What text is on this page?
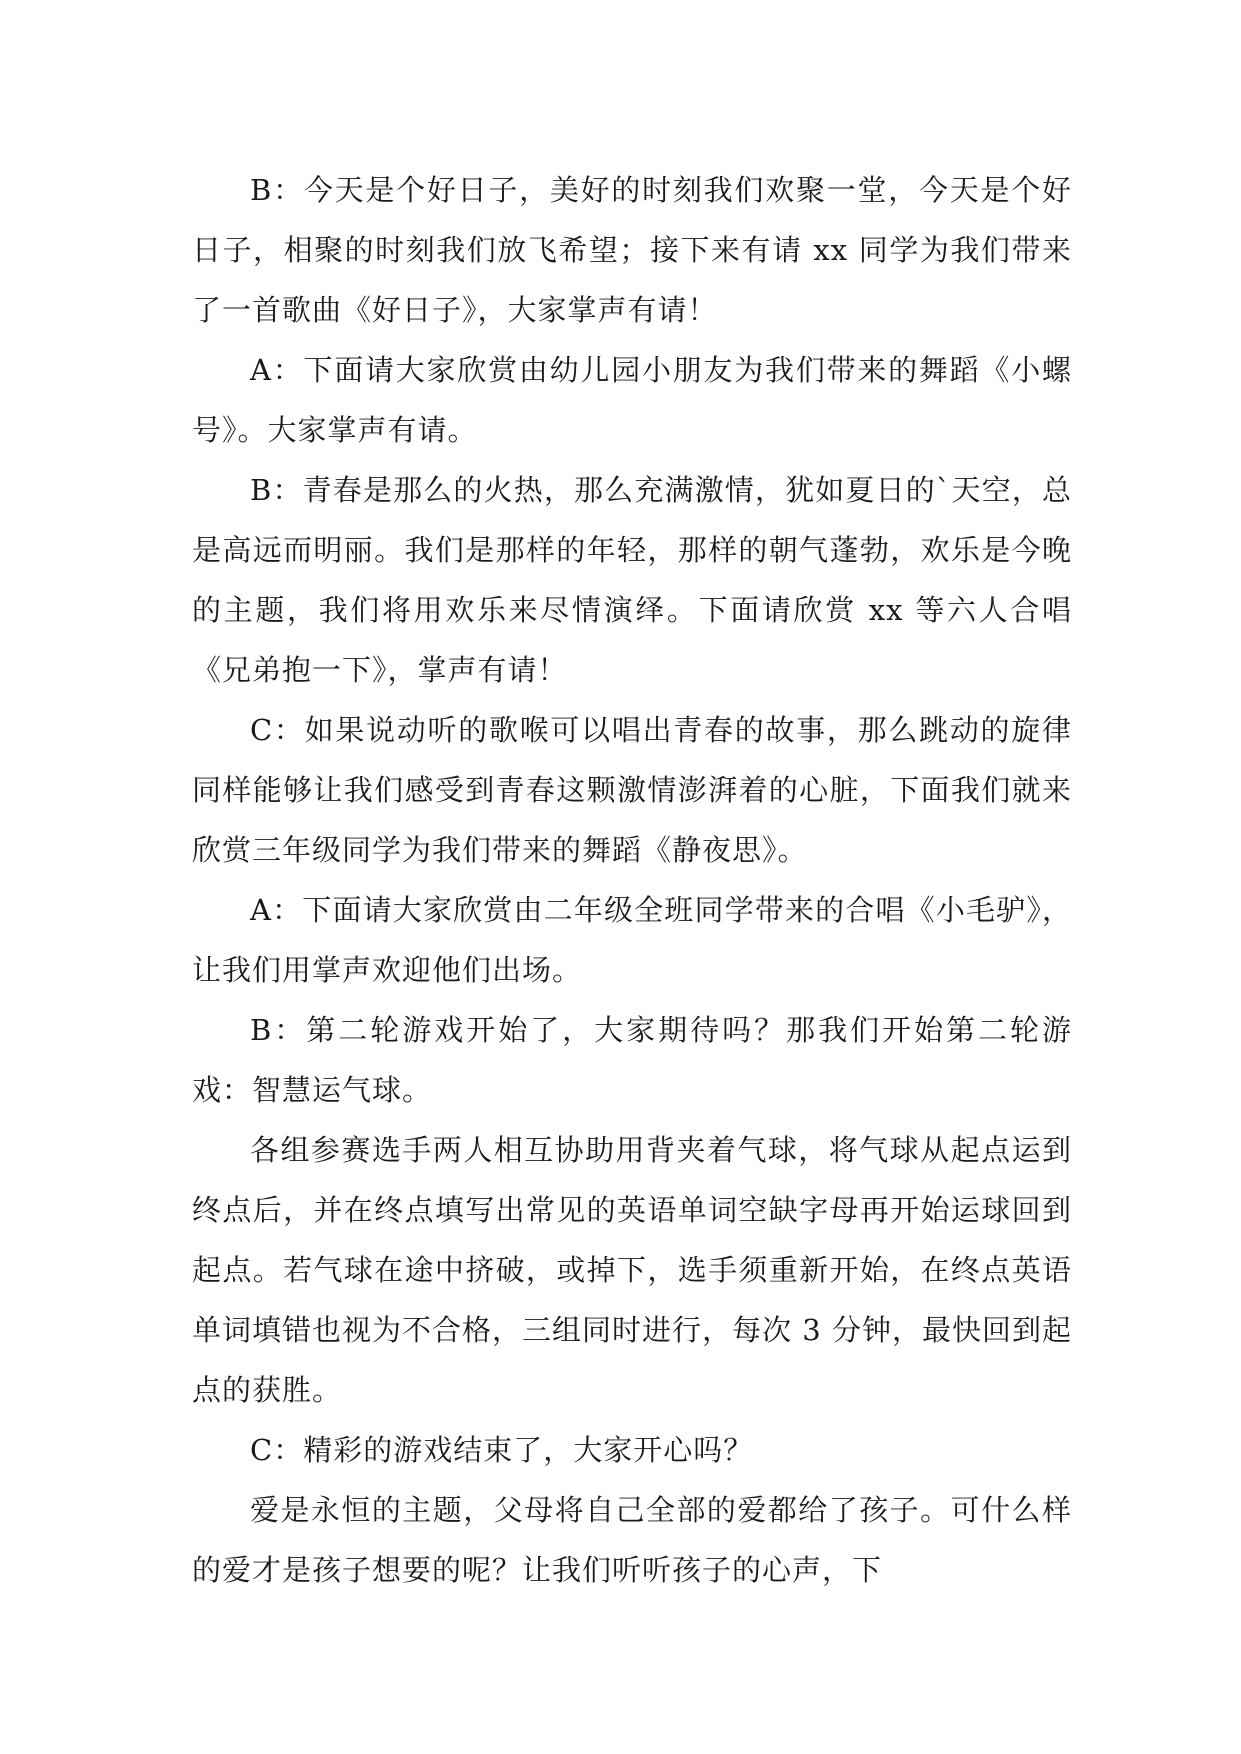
B：今天是个好日子，美好的时刻我们欢聚一堂，今天是个好日子，相聚的时刻我们放飞希望；接下来有请 xx 同学为我们带来了一首歌曲《好日子》，大家掌声有请！

A：下面请大家欣赏由幼儿园小朋友为我们带来的舞蹈《小螺号》。大家掌声有请。

B：青春是那么的火热，那么充满激情，犹如夏日的`天空，总是高远而明丽。我们是那样的年轻，那样的朝气蓬勃，欢乐是今晚的主题，我们将用欢乐来尽情演绎。下面请欣赏 xx 等六人合唱《兄弟抱一下》，掌声有请！

C：如果说动听的歌喉可以唱出青春的故事，那么跳动的旋律同样能够让我们感受到青春这颗激情澎湃着的心脏，下面我们就来欣赏三年级同学为我们带来的舞蹈《静夜思》。

A：下面请大家欣赏由二年级全班同学带来的合唱《小毛驴》，让我们用掌声欢迎他们出场。

B：第二轮游戏开始了，大家期待吗？那我们开始第二轮游戏：智慧运气球。

各组参赛选手两人相互协助用背夹着气球，将气球从起点运到终点后，并在终点填写出常见的英语单词空缺字母再开始运球回到起点。若气球在途中挤破，或掉下，选手须重新开始，在终点英语单词填错也视为不合格，三组同时进行，每次 3 分钟，最快回到起点的获胜。

C：精彩的游戏结束了，大家开心吗？

爱是永恒的主题，父母将自己全部的爱都给了孩子。可什么样的爱才是孩子想要的呢？让我们听听孩子的心声，下
